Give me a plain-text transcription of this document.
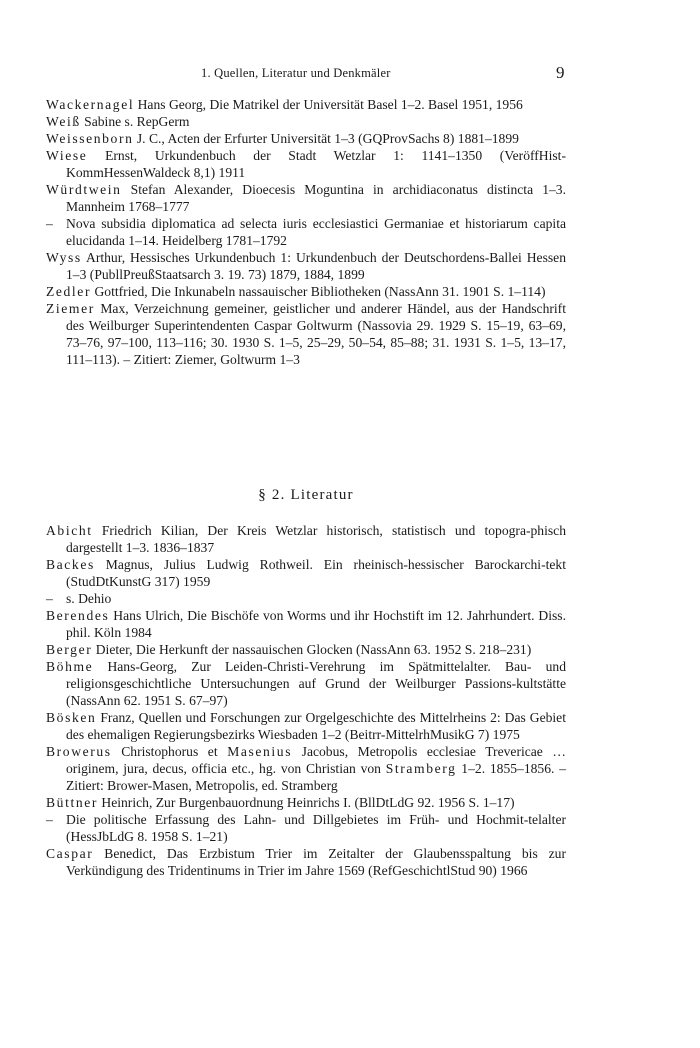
1. Quellen, Literatur und Denkmäler	9

Wackernagel Hans Georg, Die Matrikel der Universität Basel 1–2. Basel 1951, 1956

Weiß Sabine s. RepGerm

Weissenborn J. C., Acten der Erfurter Universität 1–3 (GQProvSachs 8) 1881–1899

Wiese Ernst, Urkundenbuch der Stadt Wetzlar 1: 1141–1350 (VeröffHist-KommHessenWaldeck 8,1) 1911

Würdtwein Stefan Alexander, Dioecesis Moguntina in archidiaconatus distincta 1–3. Mannheim 1768–1777

– Nova subsidia diplomatica ad selecta iuris ecclesiastici Germaniae et historiarum capita elucidanda 1–14. Heidelberg 1781–1792

Wyss Arthur, Hessisches Urkundenbuch 1: Urkundenbuch der Deutschordens-Ballei Hessen 1–3 (PubllPreußStaatsarch 3. 19. 73) 1879, 1884, 1899

Zedler Gottfried, Die Inkunabeln nassauischer Bibliotheken (NassAnn 31. 1901 S. 1–114)

Ziemer Max, Verzeichnung gemeiner, geistlicher und anderer Händel, aus der Handschrift des Weilburger Superintendenten Caspar Goltwurm (Nassovia 29. 1929 S. 15–19, 63–69, 73–76, 97–100, 113–116; 30. 1930 S. 1–5, 25–29, 50–54, 85–88; 31. 1931 S. 1–5, 13–17, 111–113). – Zitiert: Ziemer, Goltwurm 1–3

§ 2. Literatur

Abicht Friedrich Kilian, Der Kreis Wetzlar historisch, statistisch und topogra-phisch dargestellt 1–3. 1836–1837

Backes Magnus, Julius Ludwig Rothweil. Ein rheinisch-hessischer Barockarchi-tekt (StudDtKunstG 317) 1959

– s. Dehio

Berendes Hans Ulrich, Die Bischöfe von Worms und ihr Hochstift im 12. Jahrhundert. Diss. phil. Köln 1984

Berger Dieter, Die Herkunft der nassauischen Glocken (NassAnn 63. 1952 S. 218–231)

Böhme Hans-Georg, Zur Leiden-Christi-Verehrung im Spätmittelalter. Bau- und religionsgeschichtliche Untersuchungen auf Grund der Weilburger Passions-kultstätte (NassAnn 62. 1951 S. 67–97)

Bösken Franz, Quellen und Forschungen zur Orgelgeschichte des Mittelrheins 2: Das Gebiet des ehemaligen Regierungsbezirks Wiesbaden 1–2 (Beitrr-MittelrhMusikG 7) 1975

Browerus Christophorus et Masenius Jacobus, Metropolis ecclesiae Trevericae … originem, jura, decus, officia etc., hg. von Christian von Stramberg 1–2. 1855–1856. – Zitiert: Brower-Masen, Metropolis, ed. Stramberg

Büttner Heinrich, Zur Burgenbauordnung Heinrichs I. (BllDtLdG 92. 1956 S. 1–17)

– Die politische Erfassung des Lahn- und Dillgebietes im Früh- und Hochmit-telalter (HessJbLdG 8. 1958 S. 1–21)

Caspar Benedict, Das Erzbistum Trier im Zeitalter der Glaubensspaltung bis zur Verkündigung des Tridentinums in Trier im Jahre 1569 (RefGeschichtlStud 90) 1966
